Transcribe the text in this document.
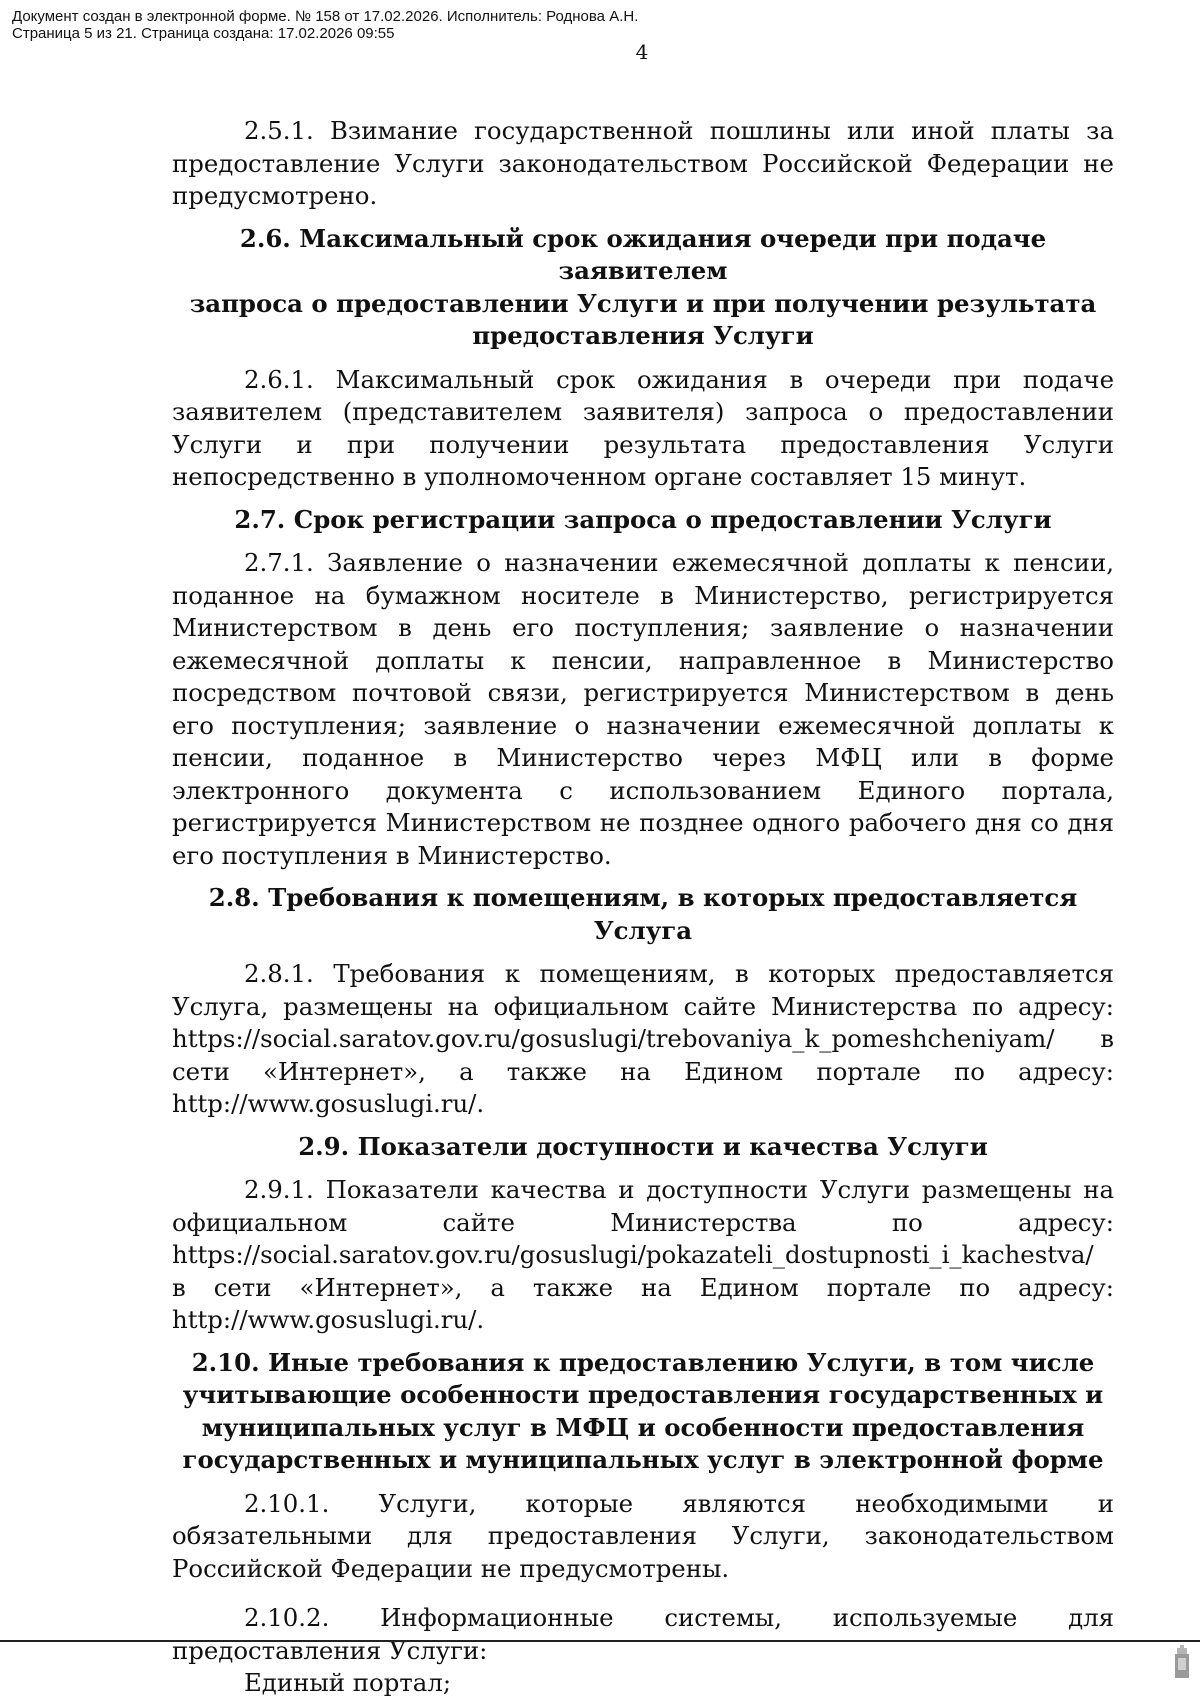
4

2.5.1. Взимание государственной пошлины или иной платы за предоставление Услуги законодательством Российской Федерации не предусмотрено.

2.6. Максимальный срок ожидания очереди при подаче заявителем
запроса о предоставлении Услуги и при получении результата
предоставления Услуги

2.6.1. Максимальный срок ожидания в очереди при подаче заявителем (представителем заявителя) запроса о предоставлении Услуги и при получении результата предоставления Услуги непосредственно в уполномоченном органе составляет 15 минут.

2.7. Срок регистрации запроса о предоставлении Услуги

2.7.1. Заявление о назначении ежемесячной доплаты к пенсии, поданное на бумажном носителе в Министерство, регистрируется Министерством в день его поступления; заявление о назначении ежемесячной доплаты к пенсии, направленное в Министерство посредством почтовой связи, регистрируется Министерством в день его поступления; заявление о назначении ежемесячной доплаты к пенсии, поданное в Министерство через МФЦ или в форме электронного документа с использованием Единого портала, регистрируется Министерством не позднее одного рабочего дня со дня его поступления в Министерство.

2.8. Требования к помещениям, в которых предоставляется Услуга

2.8.1. Требования к помещениям, в которых предоставляется Услуга, размещены на официальном сайте Министерства по адресу: https://social.saratov.gov.ru/gosuslugi/trebovaniya_k_pomeshcheniyam/ в сети «Интернет», а также на Едином портале по адресу: http://www.gosuslugi.ru/.

2.9. Показатели доступности и качества Услуги

2.9.1. Показатели качества и доступности Услуги размещены на официальном сайте Министерства по адресу: https://social.saratov.gov.ru/gosuslugi/pokazateli_dostupnosti_i_kachestva/ в сети «Интернет», а также на Едином портале по адресу: http://www.gosuslugi.ru/.

2.10. Иные требования к предоставлению Услуги, в том числе
учитывающие особенности предоставления государственных и
муниципальных услуг в МФЦ и особенности предоставления
государственных и муниципальных услуг в электронной форме

2.10.1. Услуги, которые являются необходимыми и обязательными для предоставления Услуги, законодательством Российской Федерации не предусмотрены.

2.10.2. Информационные системы, используемые для предоставления Услуги:

Единый портал;

Документ создан в электронной форме. № 158 от 17.02.2026. Исполнитель: Роднова А.Н.
Страница 5 из 21. Страница создана: 17.02.2026 09:55
